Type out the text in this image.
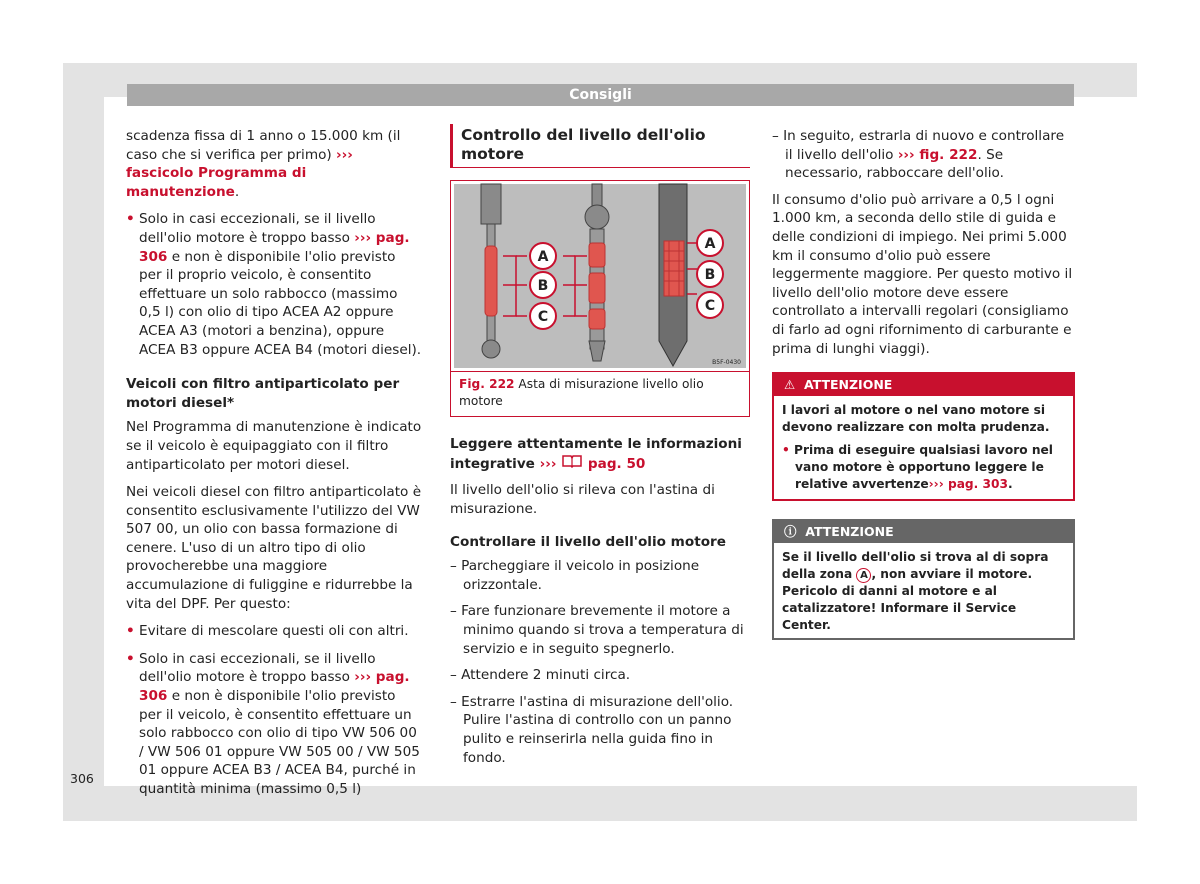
Consigli

scadenza fissa di 1 anno o 15.000 km (il caso che si verifica per primo) ››› fascicolo Programma di manutenzione.

• Solo in casi eccezionali, se il livello dell'olio motore è troppo basso ››› pag. 306 e non è disponibile l'olio previsto per il proprio veicolo, è consentito effettuare un solo rabbocco (massimo 0,5 l) con olio di tipo ACEA A2 oppure ACEA A3 (motori a benzina), oppure ACEA B3 oppure ACEA B4 (motori diesel).

Veicoli con filtro antiparticolato per motori diesel*

Nel Programma di manutenzione è indicato se il veicolo è equipaggiato con il filtro antiparticolato per motori diesel.

Nei veicoli diesel con filtro antiparticolato è consentito esclusivamente l'utilizzo del VW 507 00, un olio con bassa formazione di cenere. L'uso di un altro tipo di olio provocherebbe una maggiore accumulazione di fuliggine e ridurrebbe la vita del DPF. Per questo:

• Evitare di mescolare questi oli con altri.

• Solo in casi eccezionali, se il livello dell'olio motore è troppo basso ››› pag. 306 e non è disponibile l'olio previsto per il veicolo, è consentito effettuare un solo rabbocco con olio di tipo VW 506 00 / VW 506 01 oppure VW 505 00 / VW 505 01 oppure ACEA B3 / ACEA B4, purché in quantità minima (massimo 0,5 l)

Controllo del livello dell'olio motore
A
B
C
A
B
C
B5F-0430
Fig. 222 Asta di misurazione livello olio motore
Leggere attentamente le informazioni integrative ›››  pag. 50

Il livello dell'olio si rileva con l'astina di misurazione.

Controllare il livello dell'olio motore

– Parcheggiare il veicolo in posizione orizzontale.

– Fare funzionare brevemente il motore a minimo quando si trova a temperatura di servizio e in seguito spegnerlo.

– Attendere 2 minuti circa.

– Estrarre l'astina di misurazione dell'olio. Pulire l'astina di controllo con un panno pulito e reinserirla nella guida fino in fondo.

– In seguito, estrarla di nuovo e controllare il livello dell'olio ››› fig. 222. Se necessario, rabboccare dell'olio.

Il consumo d'olio può arrivare a 0,5 l ogni 1.000 km, a seconda dello stile di guida e delle condizioni di impiego. Nei primi 5.000 km il consumo d'olio può essere leggermente maggiore. Per questo motivo il livello dell'olio motore deve essere controllato a intervalli regolari (consigliamo di farlo ad ogni rifornimento di carburante e prima di lunghi viaggi).

⚠ ATTENZIONE

I lavori al motore o nel vano motore si devono realizzare con molta prudenza.

• Prima di eseguire qualsiasi lavoro nel vano motore è opportuno leggere le relative avvertenze››› pag. 303.

ⓘ ATTENZIONE
Se il livello dell'olio si trova al di sopra della zona A , non avviare il motore. Pericolo di danni al motore e al catalizzatore! Informare il Service Center.
306
